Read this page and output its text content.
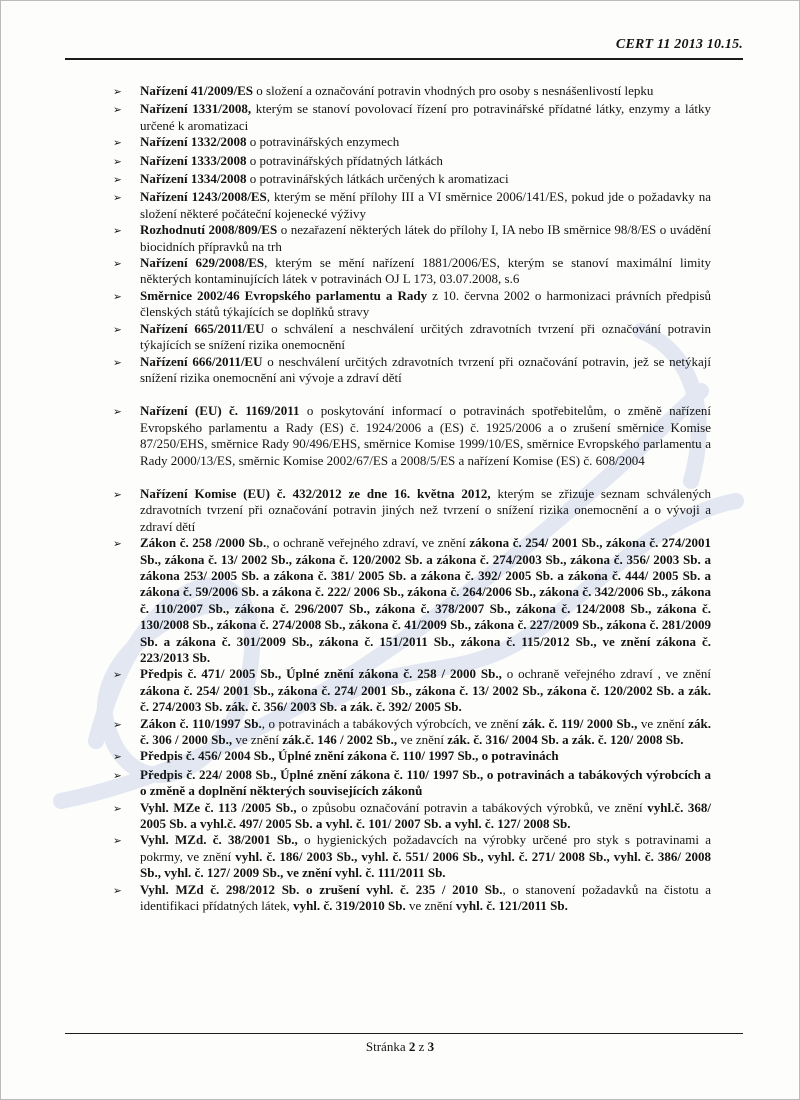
CERT 11 2013 10.15.
➢	Nařízení 41/2009/ES o složení a označování potravin vhodných pro osoby s nesnášenlivostí lepku
➢	Nařízení 1331/2008, kterým se stanoví povolovací řízení pro potravinářské přídatné látky, enzymy a látky určené k aromatizaci
➢	Nařízení 1332/2008 o potravinářských enzymech
➢	Nařízení 1333/2008 o potravinářských přídatných látkách
➢	Nařízení 1334/2008 o potravinářských látkách určených k aromatizaci
➢	Nařízení 1243/2008/ES, kterým se mění přílohy III a VI směrnice 2006/141/ES, pokud jde o požadavky na složení některé počáteční kojenecké výživy
➢	Rozhodnutí 2008/809/ES o nezařazení některých látek do přílohy I, IA nebo IB směrnice 98/8/ES o uvádění biocidních přípravků na trh
➢	Nařízení 629/2008/ES, kterým se mění nařízení 1881/2006/ES, kterým se stanoví maximální limity některých kontaminujících látek v potravinách OJ L 173, 03.07.2008, s.6
➢	Směrnice 2002/46 Evropského parlamentu a Rady z 10. června 2002 o harmonizaci právních předpisů členských států týkajících se doplňků stravy
➢	Nařízení 665/2011/EU o schválení a neschválení určitých zdravotních tvrzení při označování potravin týkajících se snížení rizika onemocnění
➢	Nařízení 666/2011/EU o neschválení určitých zdravotních tvrzení při označování potravin, jež se netýkají snížení rizika onemocnění ani vývoje a zdraví dětí
➢	Nařízení (EU) č. 1169/2011 o poskytování informací o potravinách spotřebitelům, o změně nařízení Evropského parlamentu a Rady (ES) č. 1924/2006 a (ES) č. 1925/2006 a o zrušení směrnice Komise 87/250/EHS, směrnice Rady 90/496/EHS, směrnice Komise 1999/10/ES, směrnice Evropského parlamentu a Rady 2000/13/ES, směrnic Komise 2002/67/ES a 2008/5/ES a nařízení Komise (ES) č. 608/2004
➢	Nařízení Komise (EU) č. 432/2012 ze dne 16. května 2012, kterým se zřizuje seznam schválených zdravotních tvrzení při označování potravin jiných než tvrzení o snížení rizika onemocnění a o vývoji a zdraví dětí
➢	Zákon č. 258 /2000 Sb., o ochraně veřejného zdraví, ve znění zákona č. 254/ 2001 Sb., zákona č. 274/2001 Sb., zákona č. 13/ 2002 Sb., zákona č. 120/2002 Sb. a zákona č. 274/2003 Sb., zákona č. 356/ 2003 Sb. a zákona 253/ 2005 Sb. a zákona č. 381/ 2005 Sb. a zákona č. 392/ 2005 Sb. a zákona č. 444/ 2005 Sb. a zákona č. 59/2006 Sb. a zákona č. 222/ 2006 Sb., zákona č. 264/2006 Sb., zákona č. 342/2006 Sb., zákona č. 110/2007 Sb., zákona č. 296/2007 Sb., zákona č. 378/2007 Sb., zákona č. 124/2008 Sb., zákona č. 130/2008 Sb., zákona č. 274/2008 Sb., zákona č. 41/2009 Sb., zákona č. 227/2009 Sb., zákona č. 281/2009 Sb. a zákona č. 301/2009 Sb., zákona č. 151/2011 Sb., zákona č. 115/2012 Sb., ve znění zákona č. 223/2013 Sb.
➢	Předpis č. 471/ 2005 Sb., Úplné znění zákona č. 258 / 2000 Sb., o ochraně veřejného zdraví , ve znění zákona č. 254/ 2001 Sb., zákona č. 274/ 2001 Sb., zákona č. 13/ 2002 Sb., zákona č. 120/2002 Sb. a zák. č. 274/2003 Sb. zák. č. 356/ 2003 Sb. a zák. č. 392/ 2005 Sb.
➢	Zákon č. 110/1997 Sb., o potravinách a tabákových výrobcích, ve znění zák. č. 119/ 2000 Sb., ve znění zák. č. 306 / 2000 Sb., ve znění zák.č. 146 / 2002 Sb., ve znění zák. č. 316/ 2004 Sb. a zák. č. 120/ 2008 Sb.
➢	Předpis č. 456/ 2004 Sb., Úplné znění zákona č. 110/ 1997 Sb., o potravinách
➢	Předpis č. 224/ 2008 Sb., Úplné znění zákona č. 110/ 1997 Sb., o potravinách a tabákových výrobcích a o změně a doplnění některých souvisejících zákonů
➢	Vyhl. MZe č. 113 /2005 Sb., o způsobu označování potravin a tabákových výrobků, ve znění vyhl.č. 368/ 2005 Sb. a vyhl.č. 497/ 2005 Sb. a vyhl. č. 101/ 2007 Sb. a vyhl. č. 127/ 2008 Sb.
➢	Vyhl. MZd. č. 38/2001 Sb., o hygienických požadavcích na výrobky určené pro styk s potravinami a pokrmy, ve znění vyhl. č. 186/ 2003 Sb., vyhl. č. 551/ 2006 Sb., vyhl. č. 271/ 2008 Sb., vyhl. č. 386/ 2008 Sb., vyhl. č. 127/ 2009 Sb., ve znění vyhl. č. 111/2011 Sb.
➢	Vyhl. MZd č. 298/2012 Sb. o zrušení vyhl. č. 235 / 2010 Sb., o stanovení požadavků na čistotu a identifikaci přídatných látek, vyhl. č. 319/2010 Sb. ve znění vyhl. č. 121/2011 Sb.
Stránka 2 z 3
